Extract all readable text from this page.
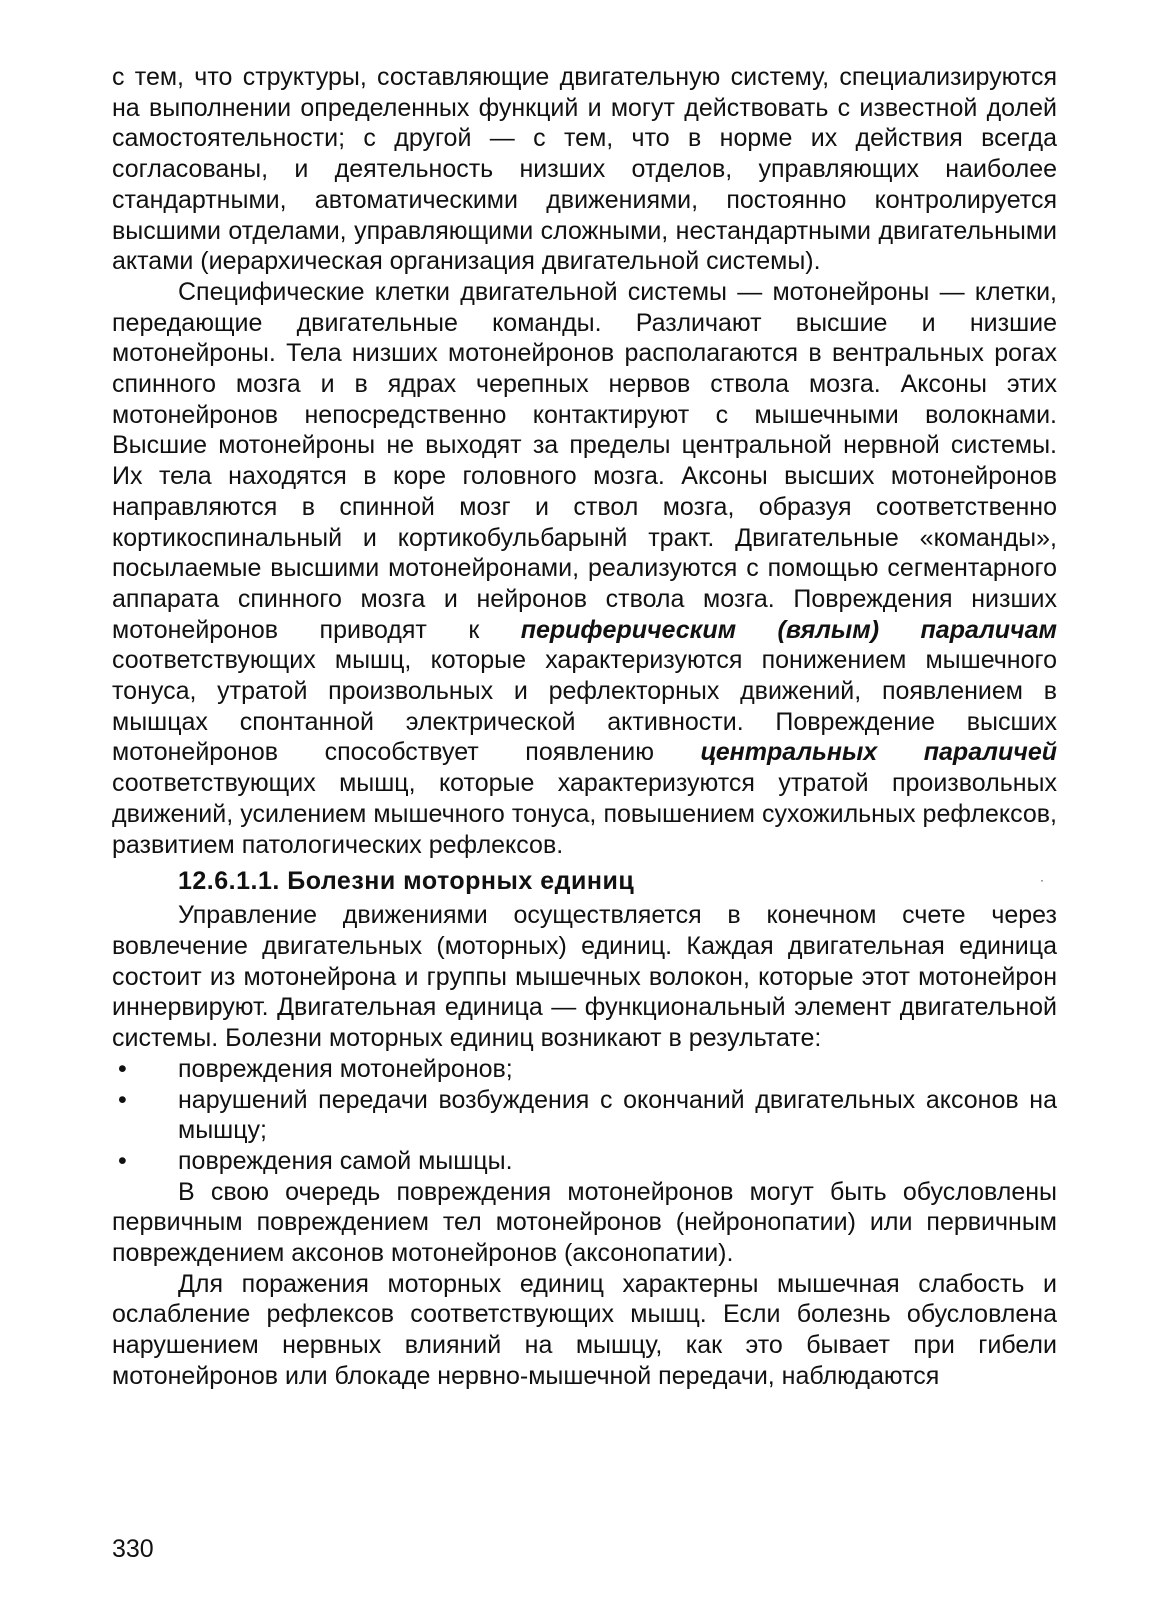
с тем, что структуры, составляющие двигательную систему, специализируются на выполнении определенных функций и могут действовать с известной долей самостоятельности; с другой — с тем, что в норме их действия всегда согласованы, и деятельность низших отделов, управляющих наиболее стандартными, автоматическими движениями, постоянно контролируется высшими отделами, управляющими сложными, нестандартными двигательными актами (иерархическая организация двигательной системы).

Специфические клетки двигательной системы — мотонейроны — клетки, передающие двигательные команды. Различают высшие и низшие мотонейроны. Тела низших мотонейронов располагаются в вентральных рогах спинного мозга и в ядрах черепных нервов ствола мозга. Аксоны этих мотонейронов непосредственно контактируют с мышечными волокнами. Высшие мотонейроны не выходят за пределы центральной нервной системы. Их тела находятся в коре головного мозга. Аксоны высших мотонейронов направляются в спинной мозг и ствол мозга, образуя соответственно кортикоспинальный и кортикобульбарынй тракт. Двигательные «команды», посылаемые высшими мотонейронами, реализуются с помощью сегментарного аппарата спинного мозга и нейронов ствола мозга. Повреждения низших мотонейронов приводят к периферическим (вялым) параличам соответствующих мышц, которые характеризуются понижением мышечного тонуса, утратой произвольных и рефлекторных движений, появлением в мышцах спонтанной электрической активности. Повреждение высших мотонейронов способствует появлению центральных параличей соответствующих мышц, которые характеризуются утратой произвольных движений, усилением мышечного тонуса, повышением сухожильных рефлексов, развитием патологических рефлексов.

12.6.1.1. Болезни моторных единиц

Управление движениями осуществляется в конечном счете через вовлечение двигательных (моторных) единиц. Каждая двигательная единица состоит из мотонейрона и группы мышечных волокон, которые этот мотонейрон иннервируют. Двигательная единица — функциональный элемент двигательной системы. Болезни моторных единиц возникают в результате:

• повреждения мотонейронов;
• нарушений передачи возбуждения с окончаний двигательных аксонов на мышцу;
• повреждения самой мышцы.

В свою очередь повреждения мотонейронов могут быть обусловлены первичным повреждением тел мотонейронов (нейронопатии) или первичным повреждением аксонов мотонейронов (аксонопатии).

Для поражения моторных единиц характерны мышечная слабость и ослабление рефлексов соответствующих мышц. Если болезнь обусловлена нарушением нервных влияний на мышцу, как это бывает при гибели мотонейронов или блокаде нервно-мышечной передачи, наблюдаются

·
330
